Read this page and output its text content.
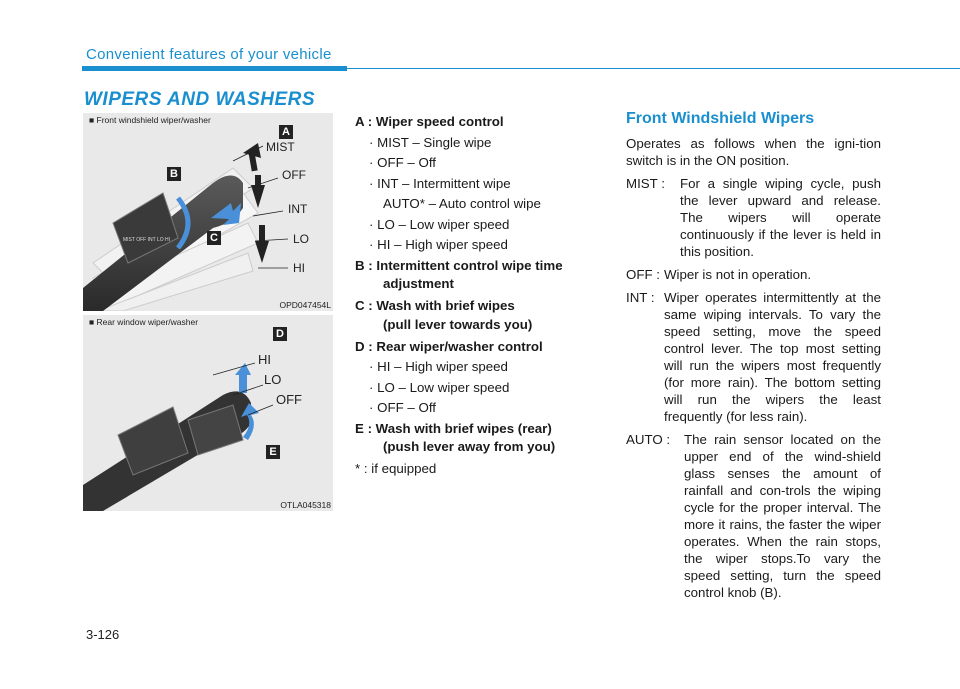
Convenient features of your vehicle
WIPERS AND WASHERS
MIST OFF INT LO HI
■ Front windshield wiper/washer
A
B
C
MIST
OFF
INT
LO
HI
OPD047454L
■ Rear window wiper/washer
D
E
HI
LO
OFF
OTLA045318
A : Wiper speed control
· MIST – Single wipe
· OFF – Off
· INT – Intermittent wipe
AUTO* – Auto control wipe
· LO – Low wiper speed
· HI – High wiper speed
B : Intermittent control wipe time
adjustment
C : Wash with brief wipes
(pull lever towards you)
D : Rear wiper/washer control
· HI – High wiper speed
· LO – Low wiper speed
· OFF – Off
E : Wash with brief wipes (rear)
(push lever away from you)
* : if equipped
Front Windshield Wipers

Operates as follows when the igni-tion switch is in the ON position.

MIST :	For a single wiping cycle, push the lever upward and release. The wipers will operate continuously if the lever is held in this position.
OFF : Wiper is not in operation.
INT : Wiper operates intermittently at the same wiping intervals. To vary the speed setting, move the speed control lever. The top most setting will run the wipers most frequently (for more rain). The bottom setting will run the wipers the least frequently (for less rain).
AUTO :	The rain sensor located on the upper end of the wind-shield glass senses the amount of rainfall and con-trols the wiping cycle for the proper interval. The more it rains, the faster the wiper operates. When the rain stops, the wiper stops.To vary the speed setting, turn the speed control knob (B).
3-126
